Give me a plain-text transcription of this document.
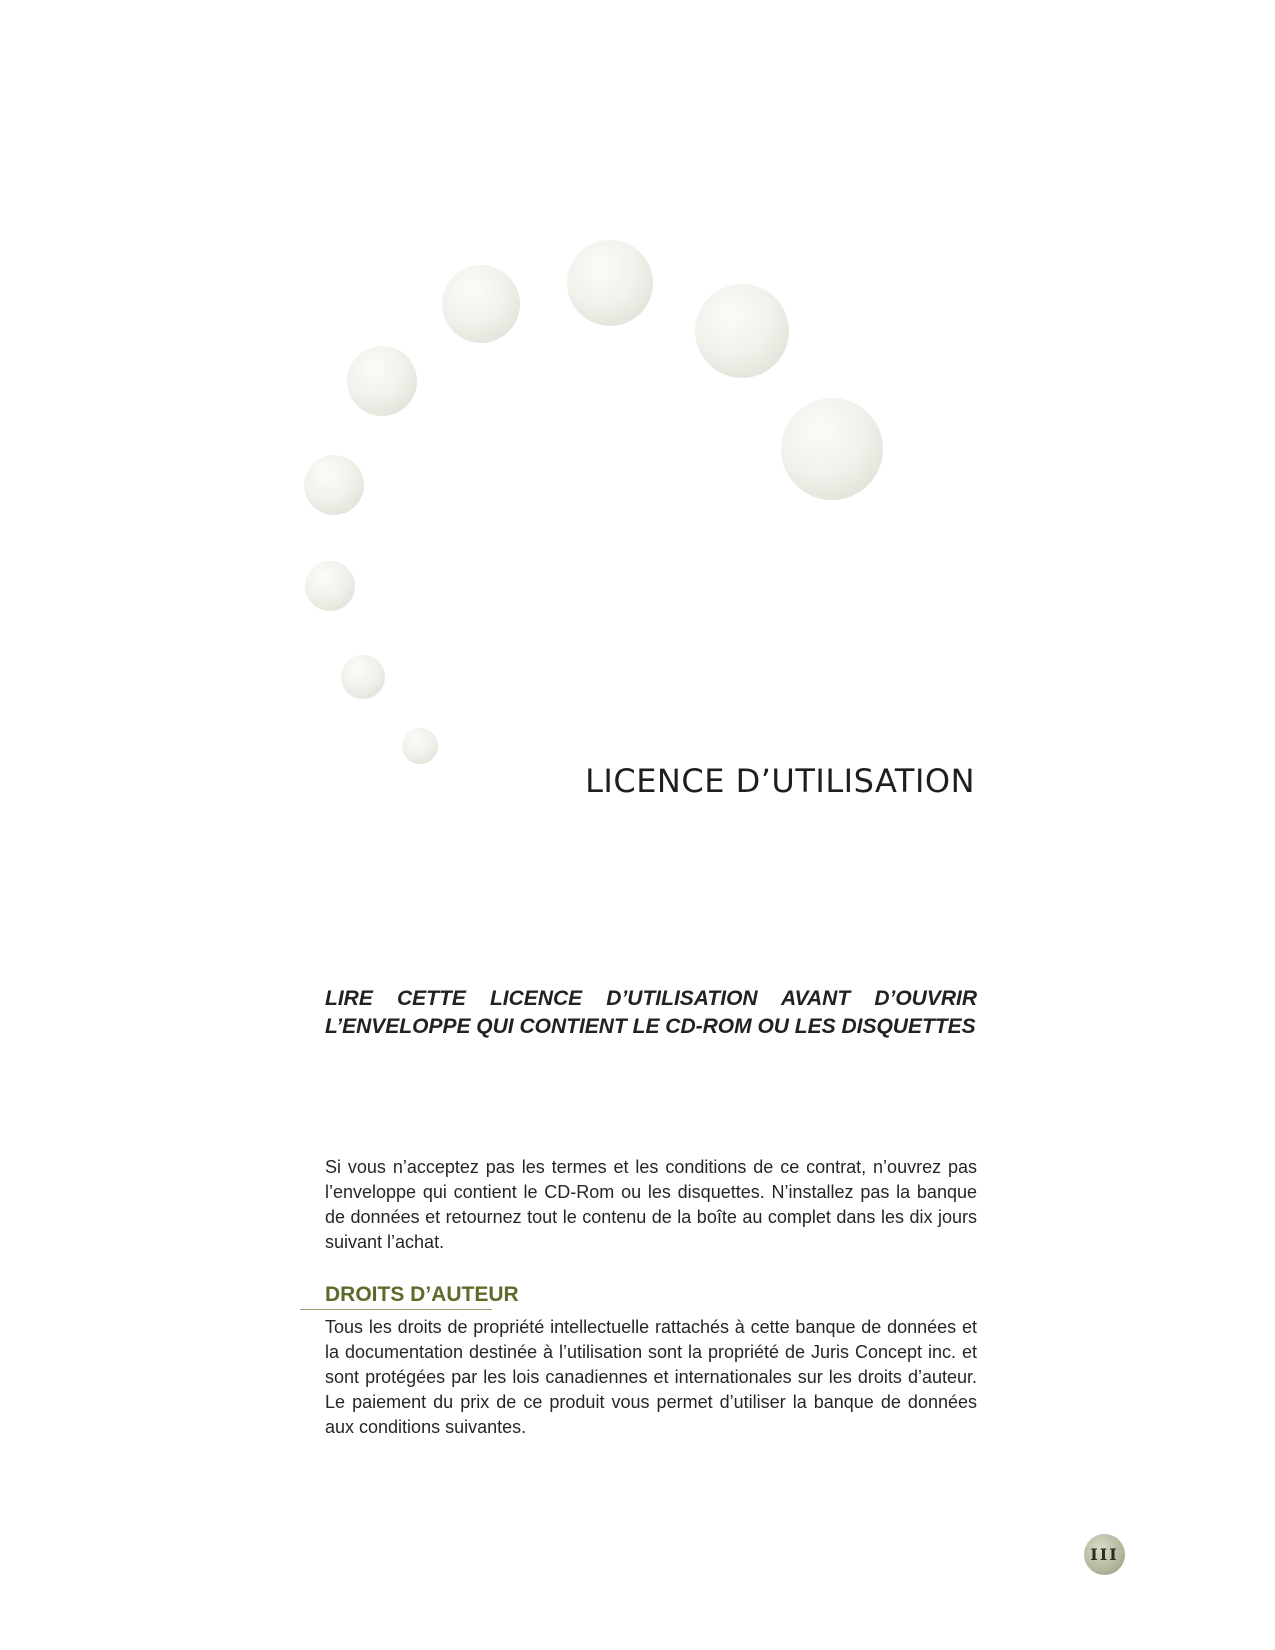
LICENCE D’UTILISATION

LIRE CETTE LICENCE D’UTILISATION AVANT D’OUVRIR L’ENVELOPPE QUI CONTIENT LE CD-ROM OU LES DISQUETTES

Si vous n’acceptez pas les termes et les conditions de ce contrat, n’ouvrez pas l’enveloppe qui contient le CD-Rom ou les disquettes. N’installez pas la banque de données et retournez tout le contenu de la boîte au complet dans les dix jours suivant l’achat.

DROITS D’AUTEUR

Tous les droits de propriété intellectuelle rattachés à cette banque de données et la documentation destinée à l’utilisation sont la propriété de Juris Concept inc. et sont protégées par les lois canadiennes et internationales sur les droits d’auteur. Le paiement du prix de ce produit vous permet d’utiliser la banque de données aux conditions suivantes.

III
